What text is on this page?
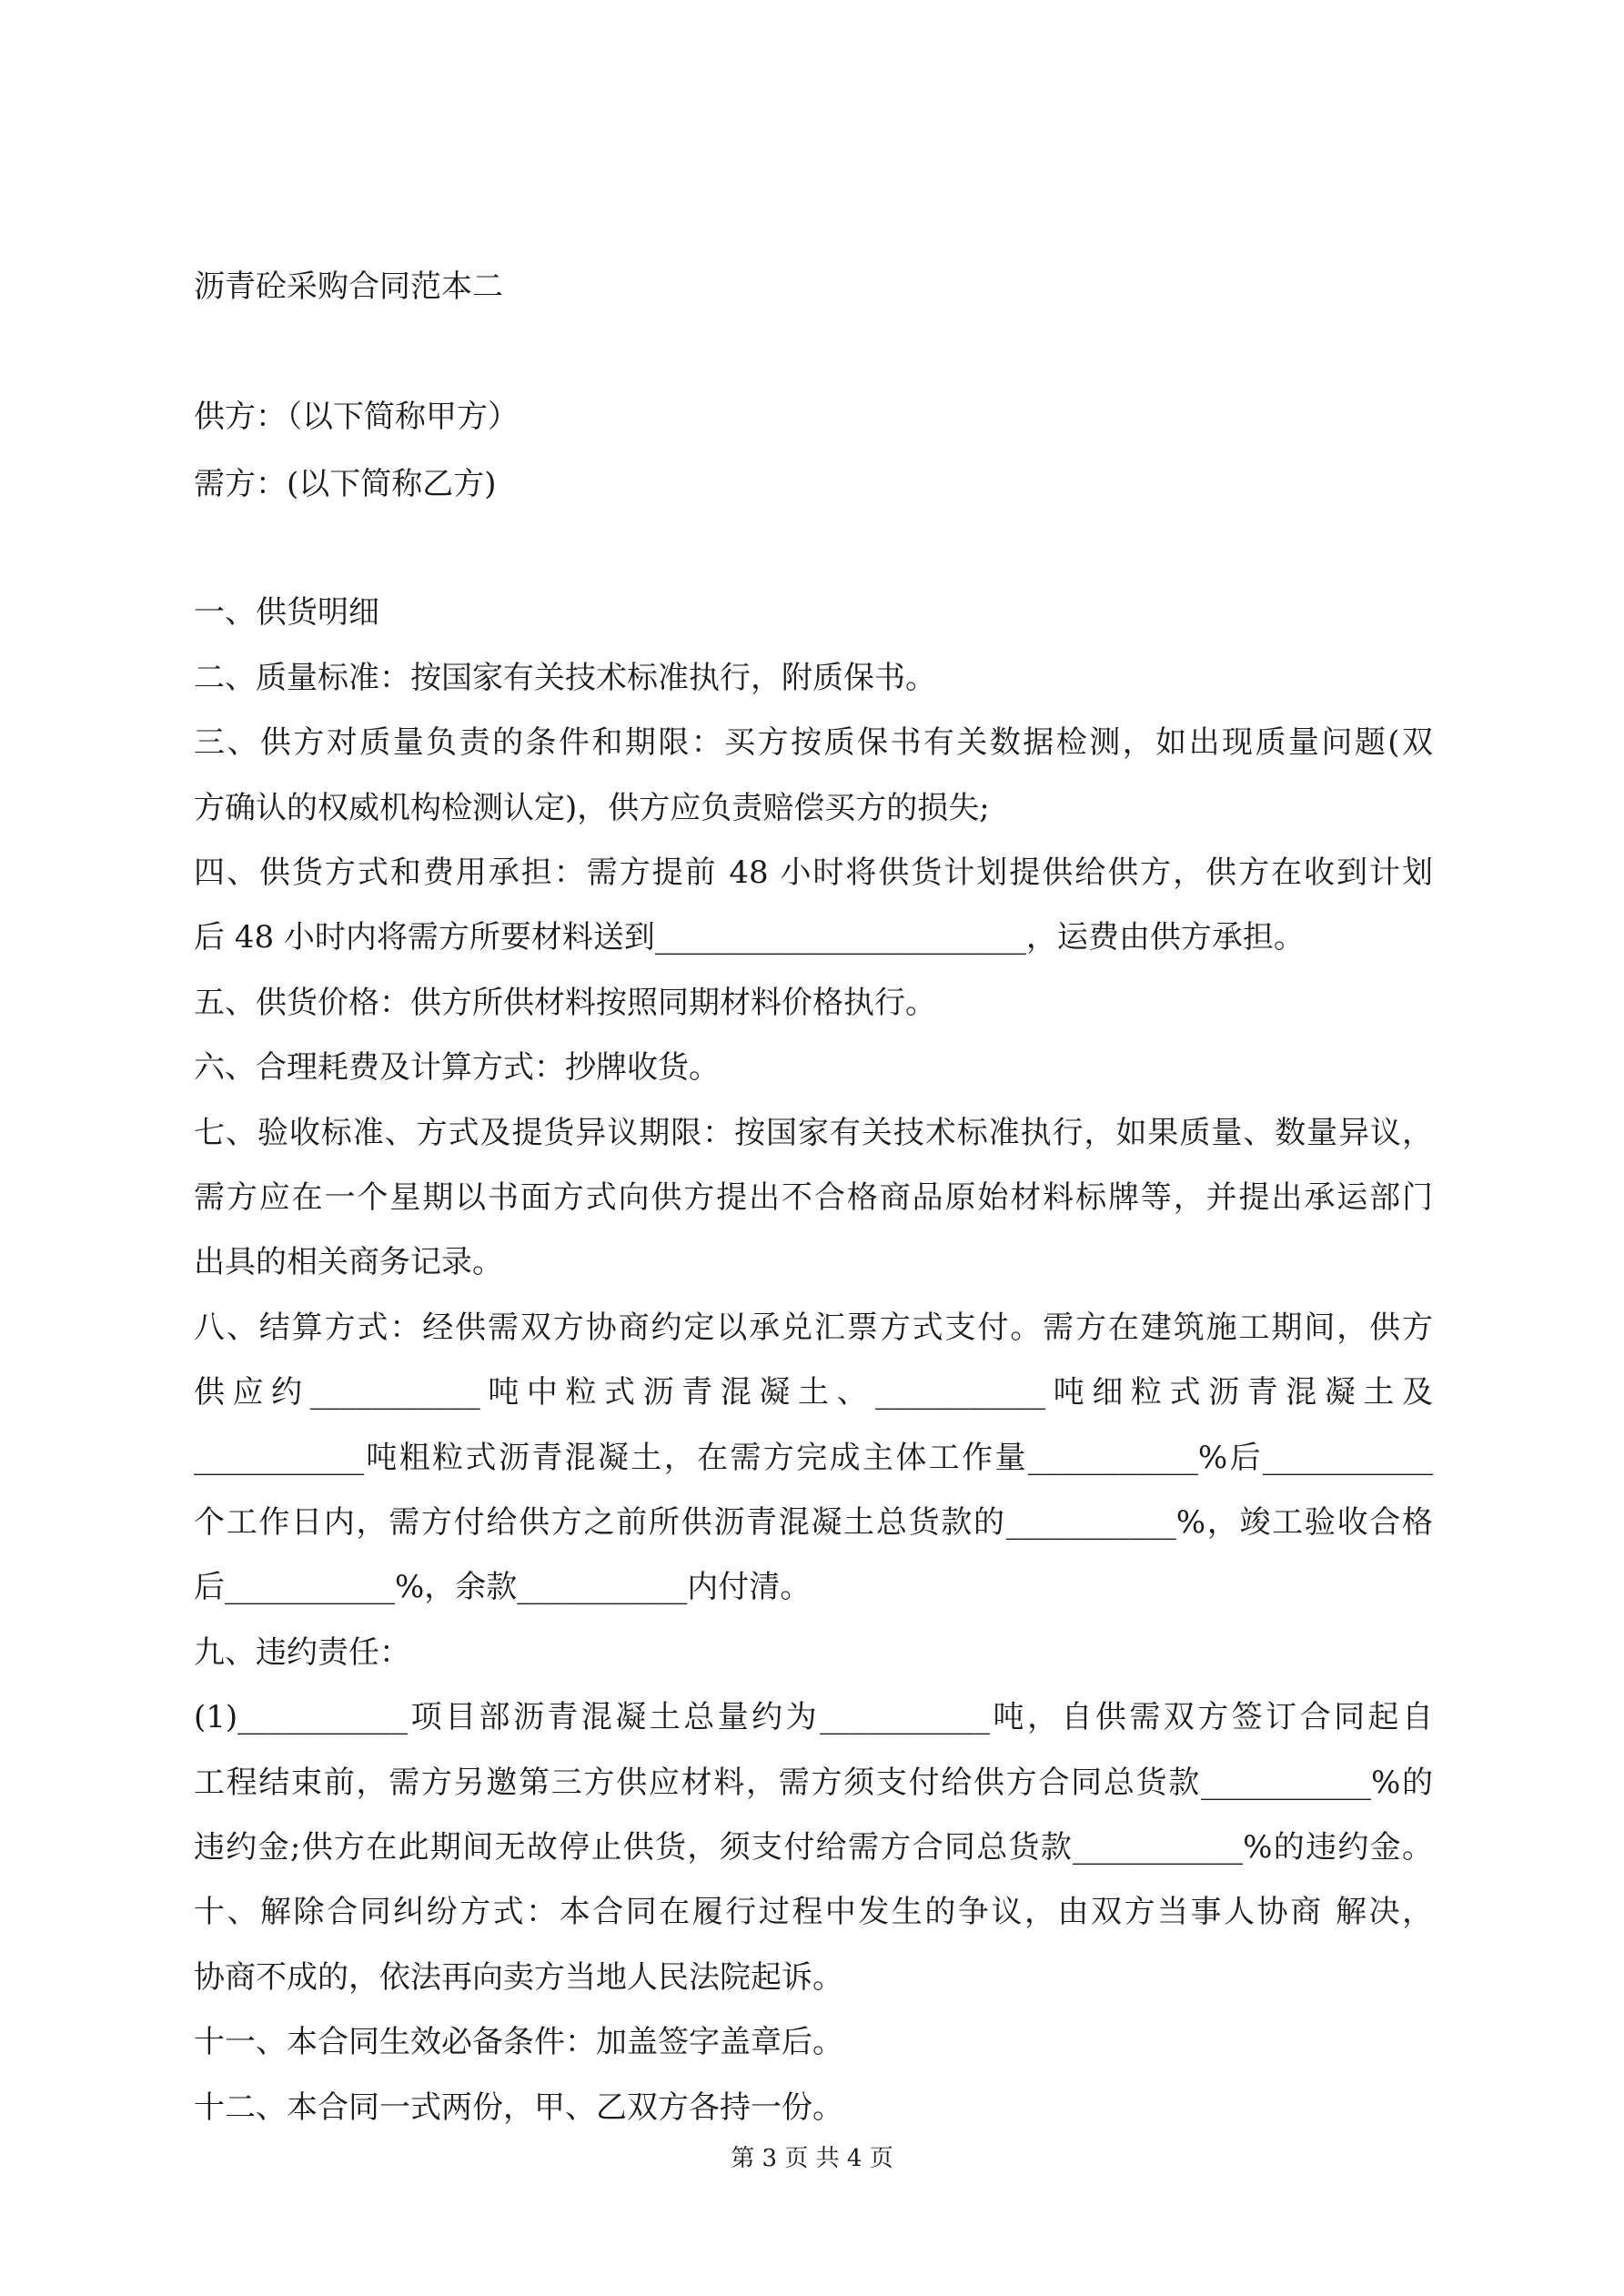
沥青砼采购合同范本二
供方：（以下简称甲方）
需方：(以下简称乙方)
一、供货明细
二、质量标准：按国家有关技术标准执行，附质保书。
三、供方对质量负责的条件和期限：买方按质保书有关数据检测，如出现质量问题(双
方确认的权威机构检测认定)，供方应负责赔偿买方的损失;
四、供货方式和费用承担：需方提前 48 小时将供货计划提供给供方，供方在收到计划
后 48 小时内将需方所要材料送到________________________，运费由供方承担。
五、供货价格：供方所供材料按照同期材料价格执行。
六、合理耗费及计算方式：抄牌收货。
七、验收标准、方式及提货异议期限：按国家有关技术标准执行，如果质量、数量异议，
需方应在一个星期以书面方式向供方提出不合格商品原始材料标牌等，并提出承运部门
出具的相关商务记录。
八、结算方式：经供需双方协商约定以承兑汇票方式支付。需方在建筑施工期间，供方
供应约___________吨中粒式沥青混凝土、___________吨细粒式沥青混凝土及
___________吨粗粒式沥青混凝土，在需方完成主体工作量___________%后___________
个工作日内，需方付给供方之前所供沥青混凝土总货款的___________%，竣工验收合格
后___________%，余款___________内付清。
九、违约责任：
(1)___________项目部沥青混凝土总量约为___________吨，自供需双方签订合同起自
工程结束前，需方另邀第三方供应材料，需方须支付给供方合同总货款___________%的
违约金;供方在此期间无故停止供货，须支付给需方合同总货款___________%的违约金。
十、解除合同纠纷方式：本合同在履行过程中发生的争议，由双方当事人协商 解决，
协商不成的，依法再向卖方当地人民法院起诉。
十一、本合同生效必备条件：加盖签字盖章后。
十二、本合同一式两份，甲、乙双方各持一份。
第 3 页 共 4 页
